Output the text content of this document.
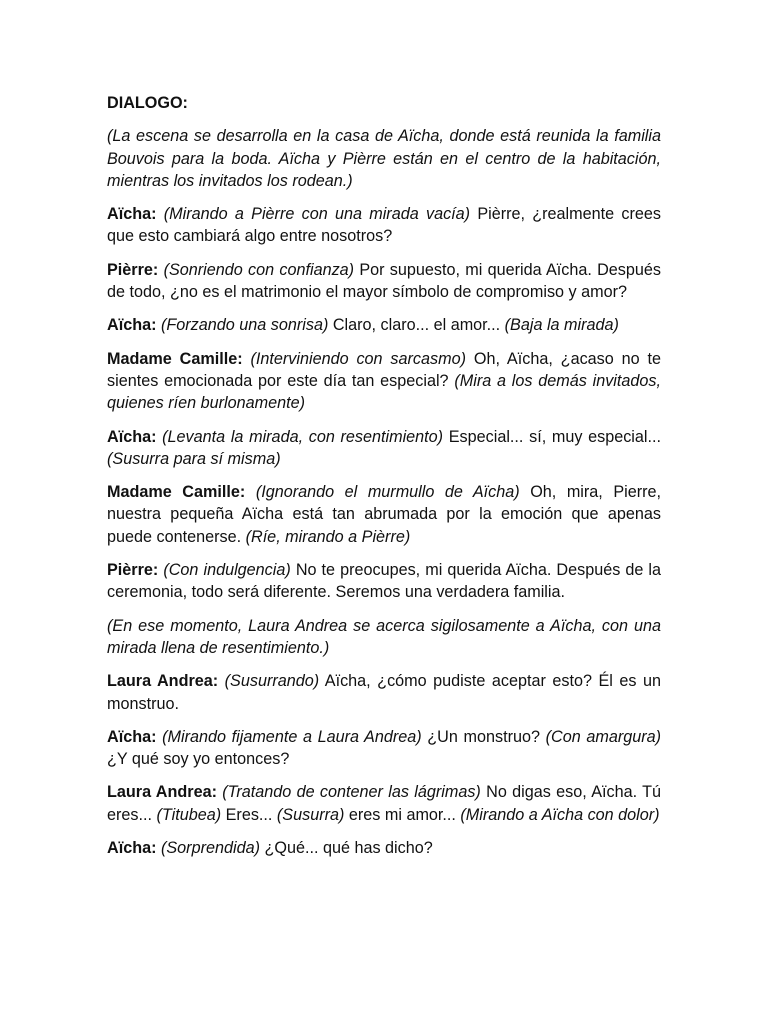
DIALOGO:

(La escena se desarrolla en la casa de Aïcha, donde está reunida la familia Bouvois para la boda. Aïcha y Pièrre están en el centro de la habitación, mientras los invitados los rodean.)

Aïcha: (Mirando a Pièrre con una mirada vacía) Pièrre, ¿realmente crees que esto cambiará algo entre nosotros?

Pièrre: (Sonriendo con confianza) Por supuesto, mi querida Aïcha. Después de todo, ¿no es el matrimonio el mayor símbolo de compromiso y amor?

Aïcha: (Forzando una sonrisa) Claro, claro... el amor... (Baja la mirada)

Madame Camille: (Interviniendo con sarcasmo) Oh, Aïcha, ¿acaso no te sientes emocionada por este día tan especial? (Mira a los demás invitados, quienes ríen burlonamente)

Aïcha: (Levanta la mirada, con resentimiento) Especial... sí, muy especial... (Susurra para sí misma)

Madame Camille: (Ignorando el murmullo de Aïcha) Oh, mira, Pierre, nuestra pequeña Aïcha está tan abrumada por la emoción que apenas puede contenerse. (Ríe, mirando a Pièrre)

Pièrre: (Con indulgencia) No te preocupes, mi querida Aïcha. Después de la ceremonia, todo será diferente. Seremos una verdadera familia.

(En ese momento, Laura Andrea se acerca sigilosamente a Aïcha, con una mirada llena de resentimiento.)

Laura Andrea: (Susurrando) Aïcha, ¿cómo pudiste aceptar esto? Él es un monstruo.

Aïcha: (Mirando fijamente a Laura Andrea) ¿Un monstruo? (Con amargura) ¿Y qué soy yo entonces?

Laura Andrea: (Tratando de contener las lágrimas) No digas eso, Aïcha. Tú eres... (Titubea) Eres... (Susurra) eres mi amor... (Mirando a Aïcha con dolor)

Aïcha: (Sorprendida) ¿Qué... qué has dicho?
